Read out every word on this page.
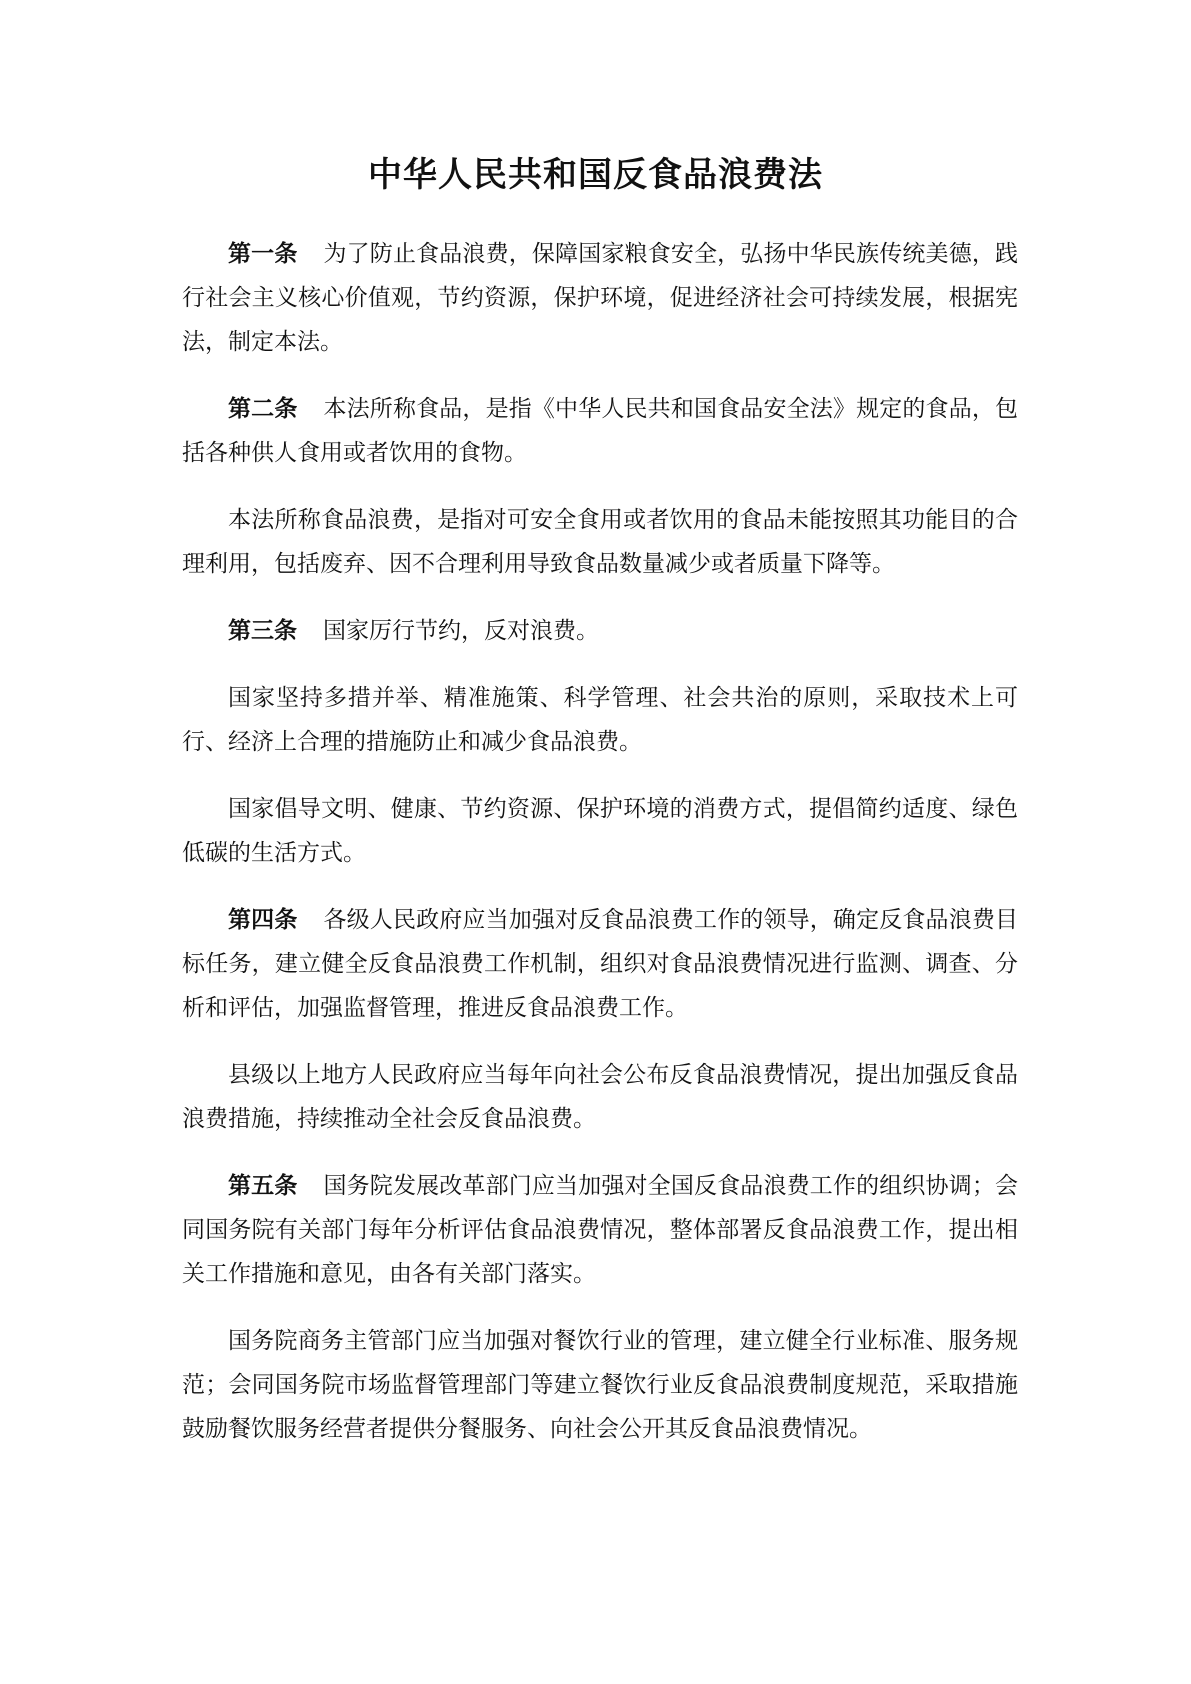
中华人民共和国反食品浪费法

第一条 为了防止食品浪费，保障国家粮食安全，弘扬中华民族传统美德，践行社会主义核心价值观，节约资源，保护环境，促进经济社会可持续发展，根据宪法，制定本法。

第二条 本法所称食品，是指《中华人民共和国食品安全法》规定的食品，包括各种供人食用或者饮用的食物。

本法所称食品浪费，是指对可安全食用或者饮用的食品未能按照其功能目的合理利用，包括废弃、因不合理利用导致食品数量减少或者质量下降等。

第三条 国家厉行节约，反对浪费。

国家坚持多措并举、精准施策、科学管理、社会共治的原则，采取技术上可行、经济上合理的措施防止和减少食品浪费。

国家倡导文明、健康、节约资源、保护环境的消费方式，提倡简约适度、绿色低碳的生活方式。

第四条 各级人民政府应当加强对反食品浪费工作的领导，确定反食品浪费目标任务，建立健全反食品浪费工作机制，组织对食品浪费情况进行监测、调查、分析和评估，加强监督管理，推进反食品浪费工作。

县级以上地方人民政府应当每年向社会公布反食品浪费情况，提出加强反食品浪费措施，持续推动全社会反食品浪费。

第五条 国务院发展改革部门应当加强对全国反食品浪费工作的组织协调；会同国务院有关部门每年分析评估食品浪费情况，整体部署反食品浪费工作，提出相关工作措施和意见，由各有关部门落实。

国务院商务主管部门应当加强对餐饮行业的管理，建立健全行业标准、服务规范；会同国务院市场监督管理部门等建立餐饮行业反食品浪费制度规范，采取措施鼓励餐饮服务经营者提供分餐服务、向社会公开其反食品浪费情况。
